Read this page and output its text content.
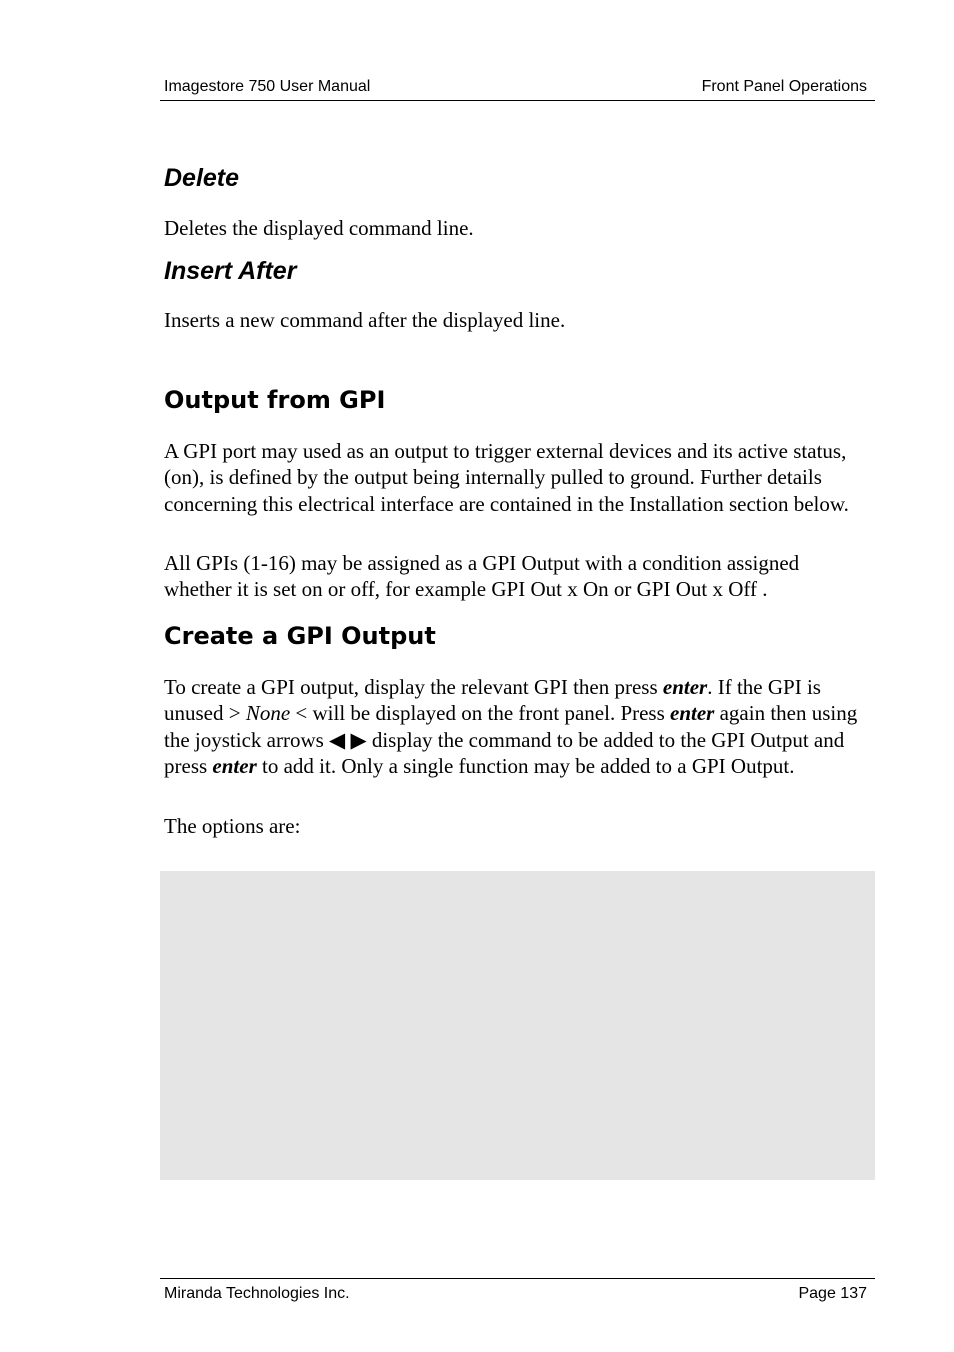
Imagestore 750 User Manual	Front Panel Operations
Delete

Deletes the displayed command line.

Insert After

Inserts a new command after the displayed line.

Output from GPI

A GPI port may used as an output to trigger external devices and its active status, (on), is defined by the output being internally pulled to ground. Further details concerning this electrical interface are contained in the Installation section below.

All GPIs (1-16) may be assigned as a GPI Output with a condition assigned whether it is set on or off, for example GPI Out x On or GPI Out x Off .

Create a GPI Output

To create a GPI output, display the relevant GPI then press enter. If the GPI is unused > None < will be displayed on the front panel. Press enter again then using the joystick arrows ◀ ▶ display the command to be added to the GPI Output and press enter to add it. Only a single function may be added to a GPI Output.

The options are:

Miranda Technologies Inc.	Page 137
